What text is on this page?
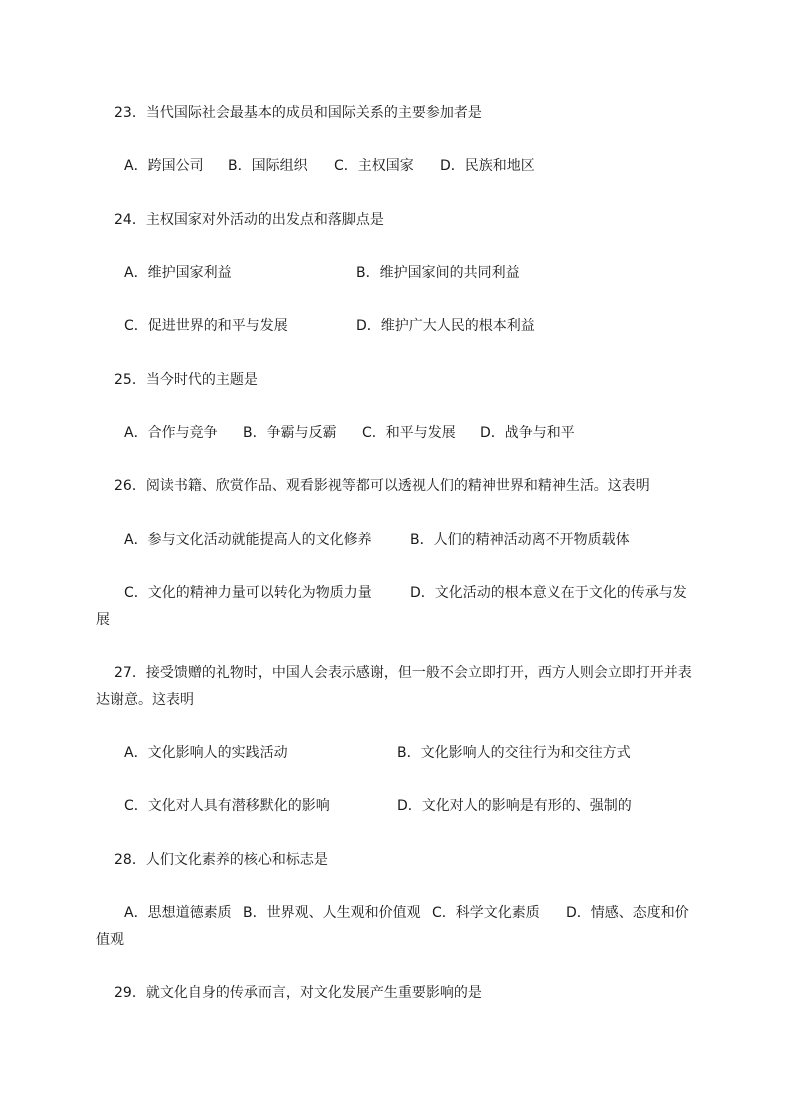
23．当代国际社会最基本的成员和国际关系的主要参加者是
A．跨国公司 B．国际组织 C．主权国家 D．民族和地区
24．主权国家对外活动的出发点和落脚点是
A．维护国家利益	B．维护国家间的共同利益
C．促进世界的和平与发展	D．维护广大人民的根本利益
25．当今时代的主题是
A．合作与竞争 B．争霸与反霸 C．和平与发展 D．战争与和平
26．阅读书籍、欣赏作品、观看影视等都可以透视人们的精神世界和精神生活。这表明
A．参与文化活动就能提高人的文化修养	B．人们的精神活动离不开物质载体
C．文化的精神力量可以转化为物质力量	D．文化活动的根本意义在于文化的传承与发
展
27．接受馈赠的礼物时，中国人会表示感谢，但一般不会立即打开，西方人则会立即打开并表
达谢意。这表明
A．文化影响人的实践活动	B．文化影响人的交往行为和交往方式
C．文化对人具有潜移默化的影响	D．文化对人的影响是有形的、强制的
28．人们文化素养的核心和标志是
A．思想道德素质 B．世界观、人生观和价值观 C．科学文化素质 D．情感、态度和价
值观
29．就文化自身的传承而言，对文化发展产生重要影响的是
